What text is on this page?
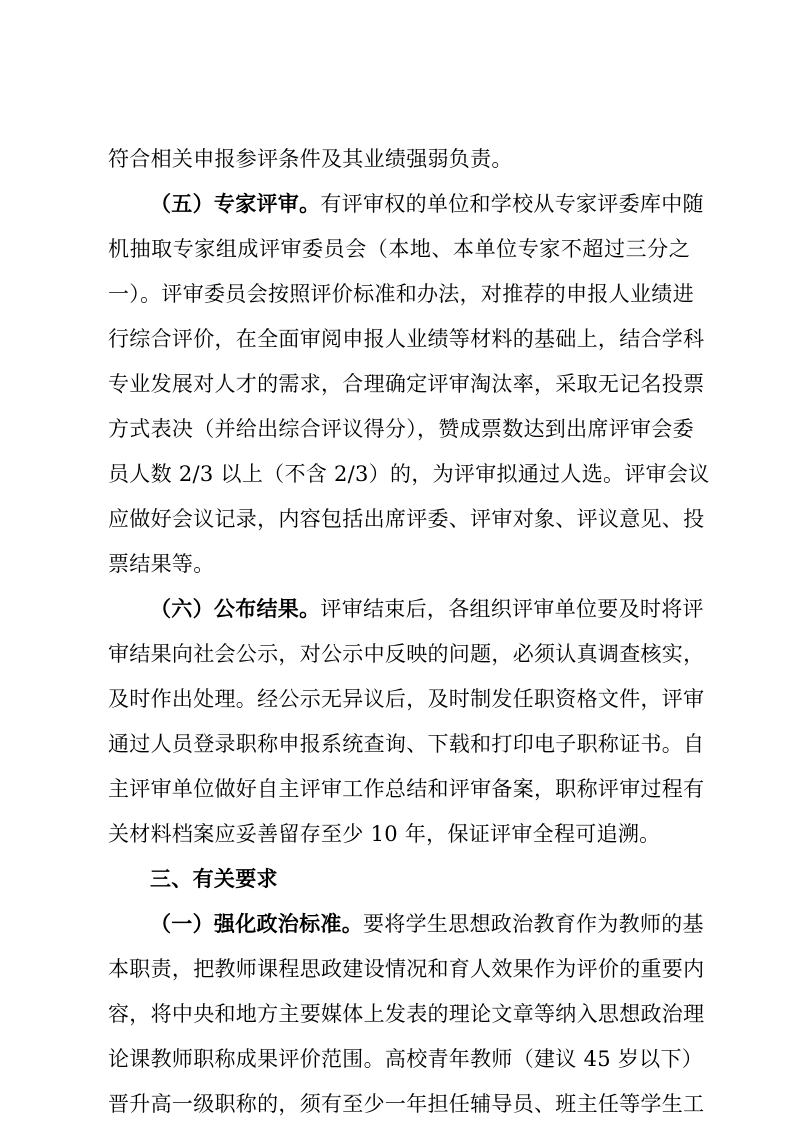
符合相关申报参评条件及其业绩强弱负责。
（五）专家评审。有评审权的单位和学校从专家评委库中随
机抽取专家组成评审委员会（本地、本单位专家不超过三分之
一）。评审委员会按照评价标准和办法，对推荐的申报人业绩进
行综合评价，在全面审阅申报人业绩等材料的基础上，结合学科
专业发展对人才的需求，合理确定评审淘汰率，采取无记名投票
方式表决（并给出综合评议得分），赞成票数达到出席评审会委
员人数 2/3 以上（不含 2/3）的，为评审拟通过人选。评审会议
应做好会议记录，内容包括出席评委、评审对象、评议意见、投
票结果等。
（六）公布结果。评审结束后，各组织评审单位要及时将评
审结果向社会公示，对公示中反映的问题，必须认真调查核实，
及时作出处理。经公示无异议后，及时制发任职资格文件，评审
通过人员登录职称申报系统查询、下载和打印电子职称证书。自
主评审单位做好自主评审工作总结和评审备案，职称评审过程有
关材料档案应妥善留存至少 10 年，保证评审全程可追溯。
三、有关要求
（一）强化政治标准。要将学生思想政治教育作为教师的基
本职责，把教师课程思政建设情况和育人效果作为评价的重要内
容，将中央和地方主要媒体上发表的理论文章等纳入思想政治理
论课教师职称成果评价范围。高校青年教师（建议 45 岁以下）
晋升高一级职称的，须有至少一年担任辅导员、班主任等学生工
